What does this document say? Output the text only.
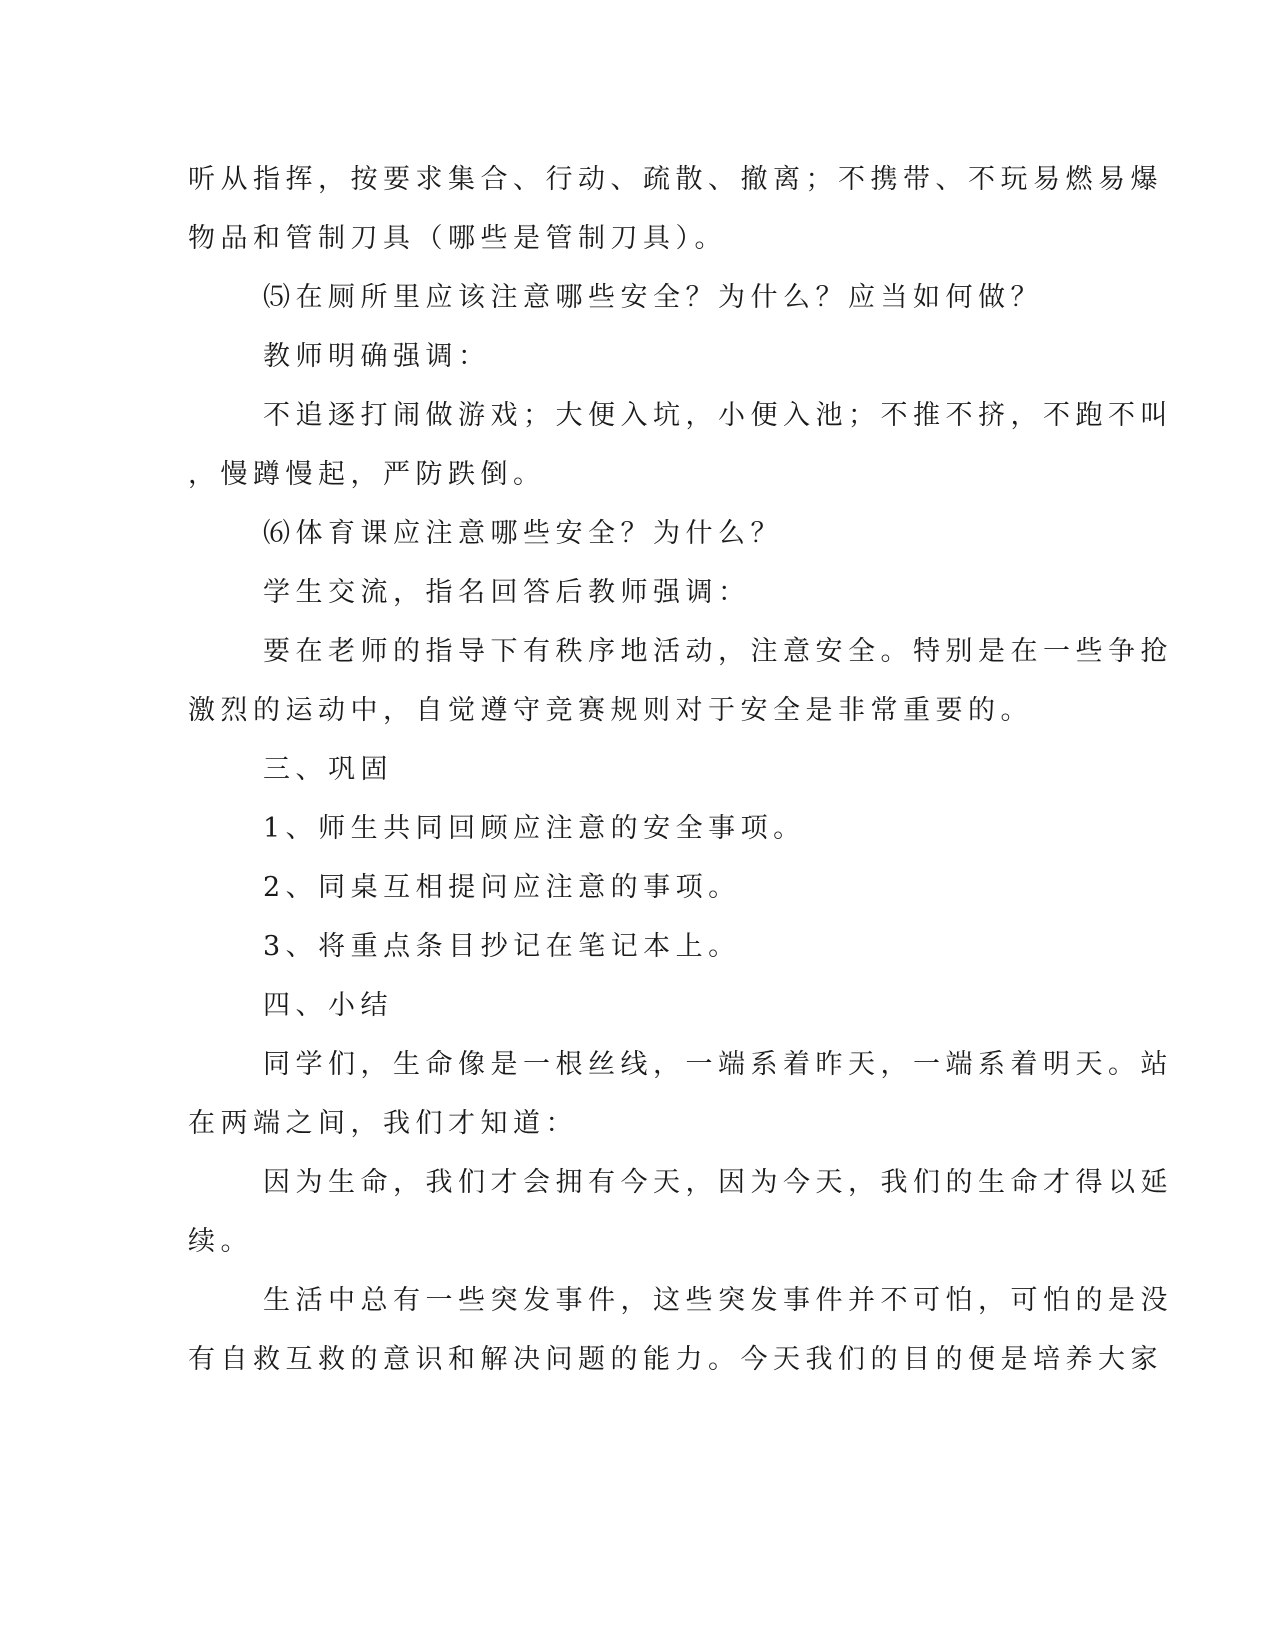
听从指挥，按要求集合、行动、疏散、撤离；不携带、不玩易燃易爆
物品和管制刀具（哪些是管制刀具）。
⑸在厕所里应该注意哪些安全？为什么？应当如何做？
教师明确强调：
不追逐打闹做游戏；大便入坑，小便入池；不推不挤，不跑不叫
，慢蹲慢起，严防跌倒。
⑹体育课应注意哪些安全？为什么？
学生交流，指名回答后教师强调：
要在老师的指导下有秩序地活动，注意安全。特别是在一些争抢
激烈的运动中，自觉遵守竞赛规则对于安全是非常重要的。
三、巩固
1、师生共同回顾应注意的安全事项。
2、同桌互相提问应注意的事项。
3、将重点条目抄记在笔记本上。
四、小结
同学们，生命像是一根丝线，一端系着昨天，一端系着明天。站
在两端之间，我们才知道：
因为生命，我们才会拥有今天，因为今天，我们的生命才得以延
续。
生活中总有一些突发事件，这些突发事件并不可怕，可怕的是没
有自救互救的意识和解决问题的能力。今天我们的目的便是培养大家
